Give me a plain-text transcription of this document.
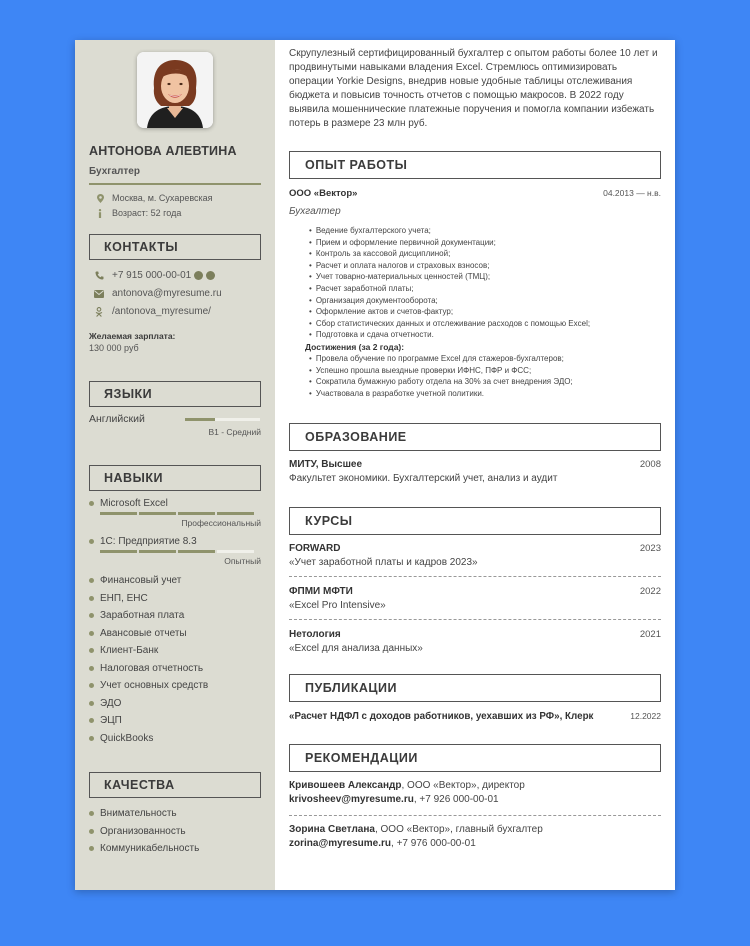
АНТОНОВА АЛЕВТИНА
Бухгалтер
Москва, м. Сухаревская
Возраст: 52 года
КОНТАКТЫ
+7 915 000-00-01
antonova@myresume.ru
/antonova_myresume/
Желаемая зарплата:
130 000 руб
ЯЗЫКИ
Английский
B1 - Средний
НАВЫКИ
Microsoft Excel
Профессиональный
1С: Предприятие 8.3
Опытный
Финансовый учет
ЕНП, ЕНС
Заработная плата
Авансовые отчеты
Клиент-Банк
Налоговая отчетность
Учет основных средств
ЭДО
ЭЦП
QuickBooks
КАЧЕСТВА
Внимательность
Организованность
Коммуникабельность
Скрупулезный сертифицированный бухгалтер с опытом работы более 10 лет и продвинутыми навыками владения Excel. Стремлюсь оптимизировать операции Yorkie Designs, внедрив новые удобные таблицы отслеживания бюджета и повысив точность отчетов с помощью макросов. В 2022 году выявила мошеннические платежные поручения и помогла компании избежать потерь в размере 23 млн руб.
ОПЫТ РАБОТЫ
ООО «Вектор»	04.2013 — н.в.
Бухгалтер
• Ведение бухгалтерского учета;
• Прием и оформление первичной документации;
• Контроль за кассовой дисциплиной;
• Расчет и оплата налогов и страховых взносов;
• Учет товарно-материальных ценностей (ТМЦ);
• Расчет заработной платы;
• Организация документооборота;
• Оформление актов и счетов-фактур;
• Сбор статистических данных и отслеживание расходов с помощью Excel;
• Подготовка и сдача отчетности.
Достижения (за 2 года):
• Провела обучение по программе Excel для стажеров-бухгалтеров;
• Успешно прошла выездные проверки ИФНС, ПФР и ФСС;
• Сократила бумажную работу отдела на 30% за счет внедрения ЭДО;
• Участвовала в разработке учетной политики.
ОБРАЗОВАНИЕ
МИТУ, Высшее	2008
Факультет экономики. Бухгалтерский учет, анализ и аудит
КУРСЫ
FORWARD	2023
«Учет заработной платы и кадров 2023»
ФПМИ МФТИ	2022
«Excel Pro Intensive»
Нетология	2021
«Excel для анализа данных»
ПУБЛИКАЦИИ
«Расчет НДФЛ с доходов работников, уехавших из РФ», Клерк	12.2022
РЕКОМЕНДАЦИИ
Кривошеев Александр, ООО «Вектор», директор
krivosheev@myresume.ru, +7 926 000-00-01
Зорина Светлана, ООО «Вектор», главный бухгалтер
zorina@myresume.ru, +7 976 000-00-01
